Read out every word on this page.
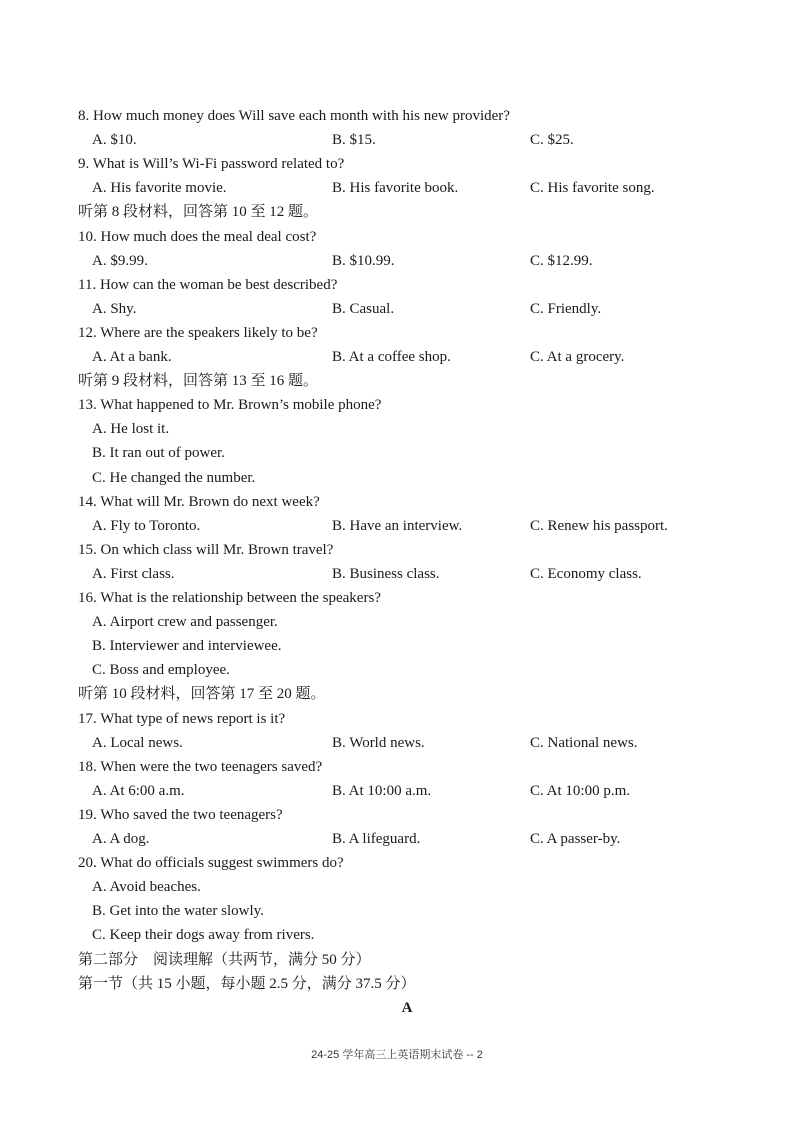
8. How much money does Will save each month with his new provider?
A. $10.	B. $15.	C. $25.
9. What is Will’s Wi-Fi password related to?
A. His favorite movie.	B. His favorite book.	C. His favorite song.
听第 8 段材料，回答第 10 至 12 题。
10. How much does the meal deal cost?
A. $9.99.	B. $10.99.	C. $12.99.
11. How can the woman be best described?
A. Shy.	B. Casual.	C. Friendly.
12. Where are the speakers likely to be?
A. At a bank.	B. At a coffee shop.	C. At a grocery.
听第 9 段材料，回答第 13 至 16 题。
13. What happened to Mr. Brown’s mobile phone?
A. He lost it.
B. It ran out of power.
C. He changed the number.
14. What will Mr. Brown do next week?
A. Fly to Toronto.	B. Have an interview.	C. Renew his passport.
15. On which class will Mr. Brown travel?
A. First class.	B. Business class.	C. Economy class.
16. What is the relationship between the speakers?
A. Airport crew and passenger.
B. Interviewer and interviewee.
C. Boss and employee.
听第 10 段材料，回答第 17 至 20 题。
17. What type of news report is it?
A. Local news.	B. World news.	C. National news.
18. When were the two teenagers saved?
A. At 6:00 a.m.	B. At 10:00 a.m.	C. At 10:00 p.m.
19. Who saved the two teenagers?
A. A dog.	B. A lifeguard.	C. A passer-by.
20. What do officials suggest swimmers do?
A. Avoid beaches.
B. Get into the water slowly.
C. Keep their dogs away from rivers.
第二部分　阅读理解（共两节，满分 50 分）
第一节（共 15 小题，每小题 2.5 分，满分 37.5 分）
A
24-25 学年高三上英语期末试卷 -- 2
